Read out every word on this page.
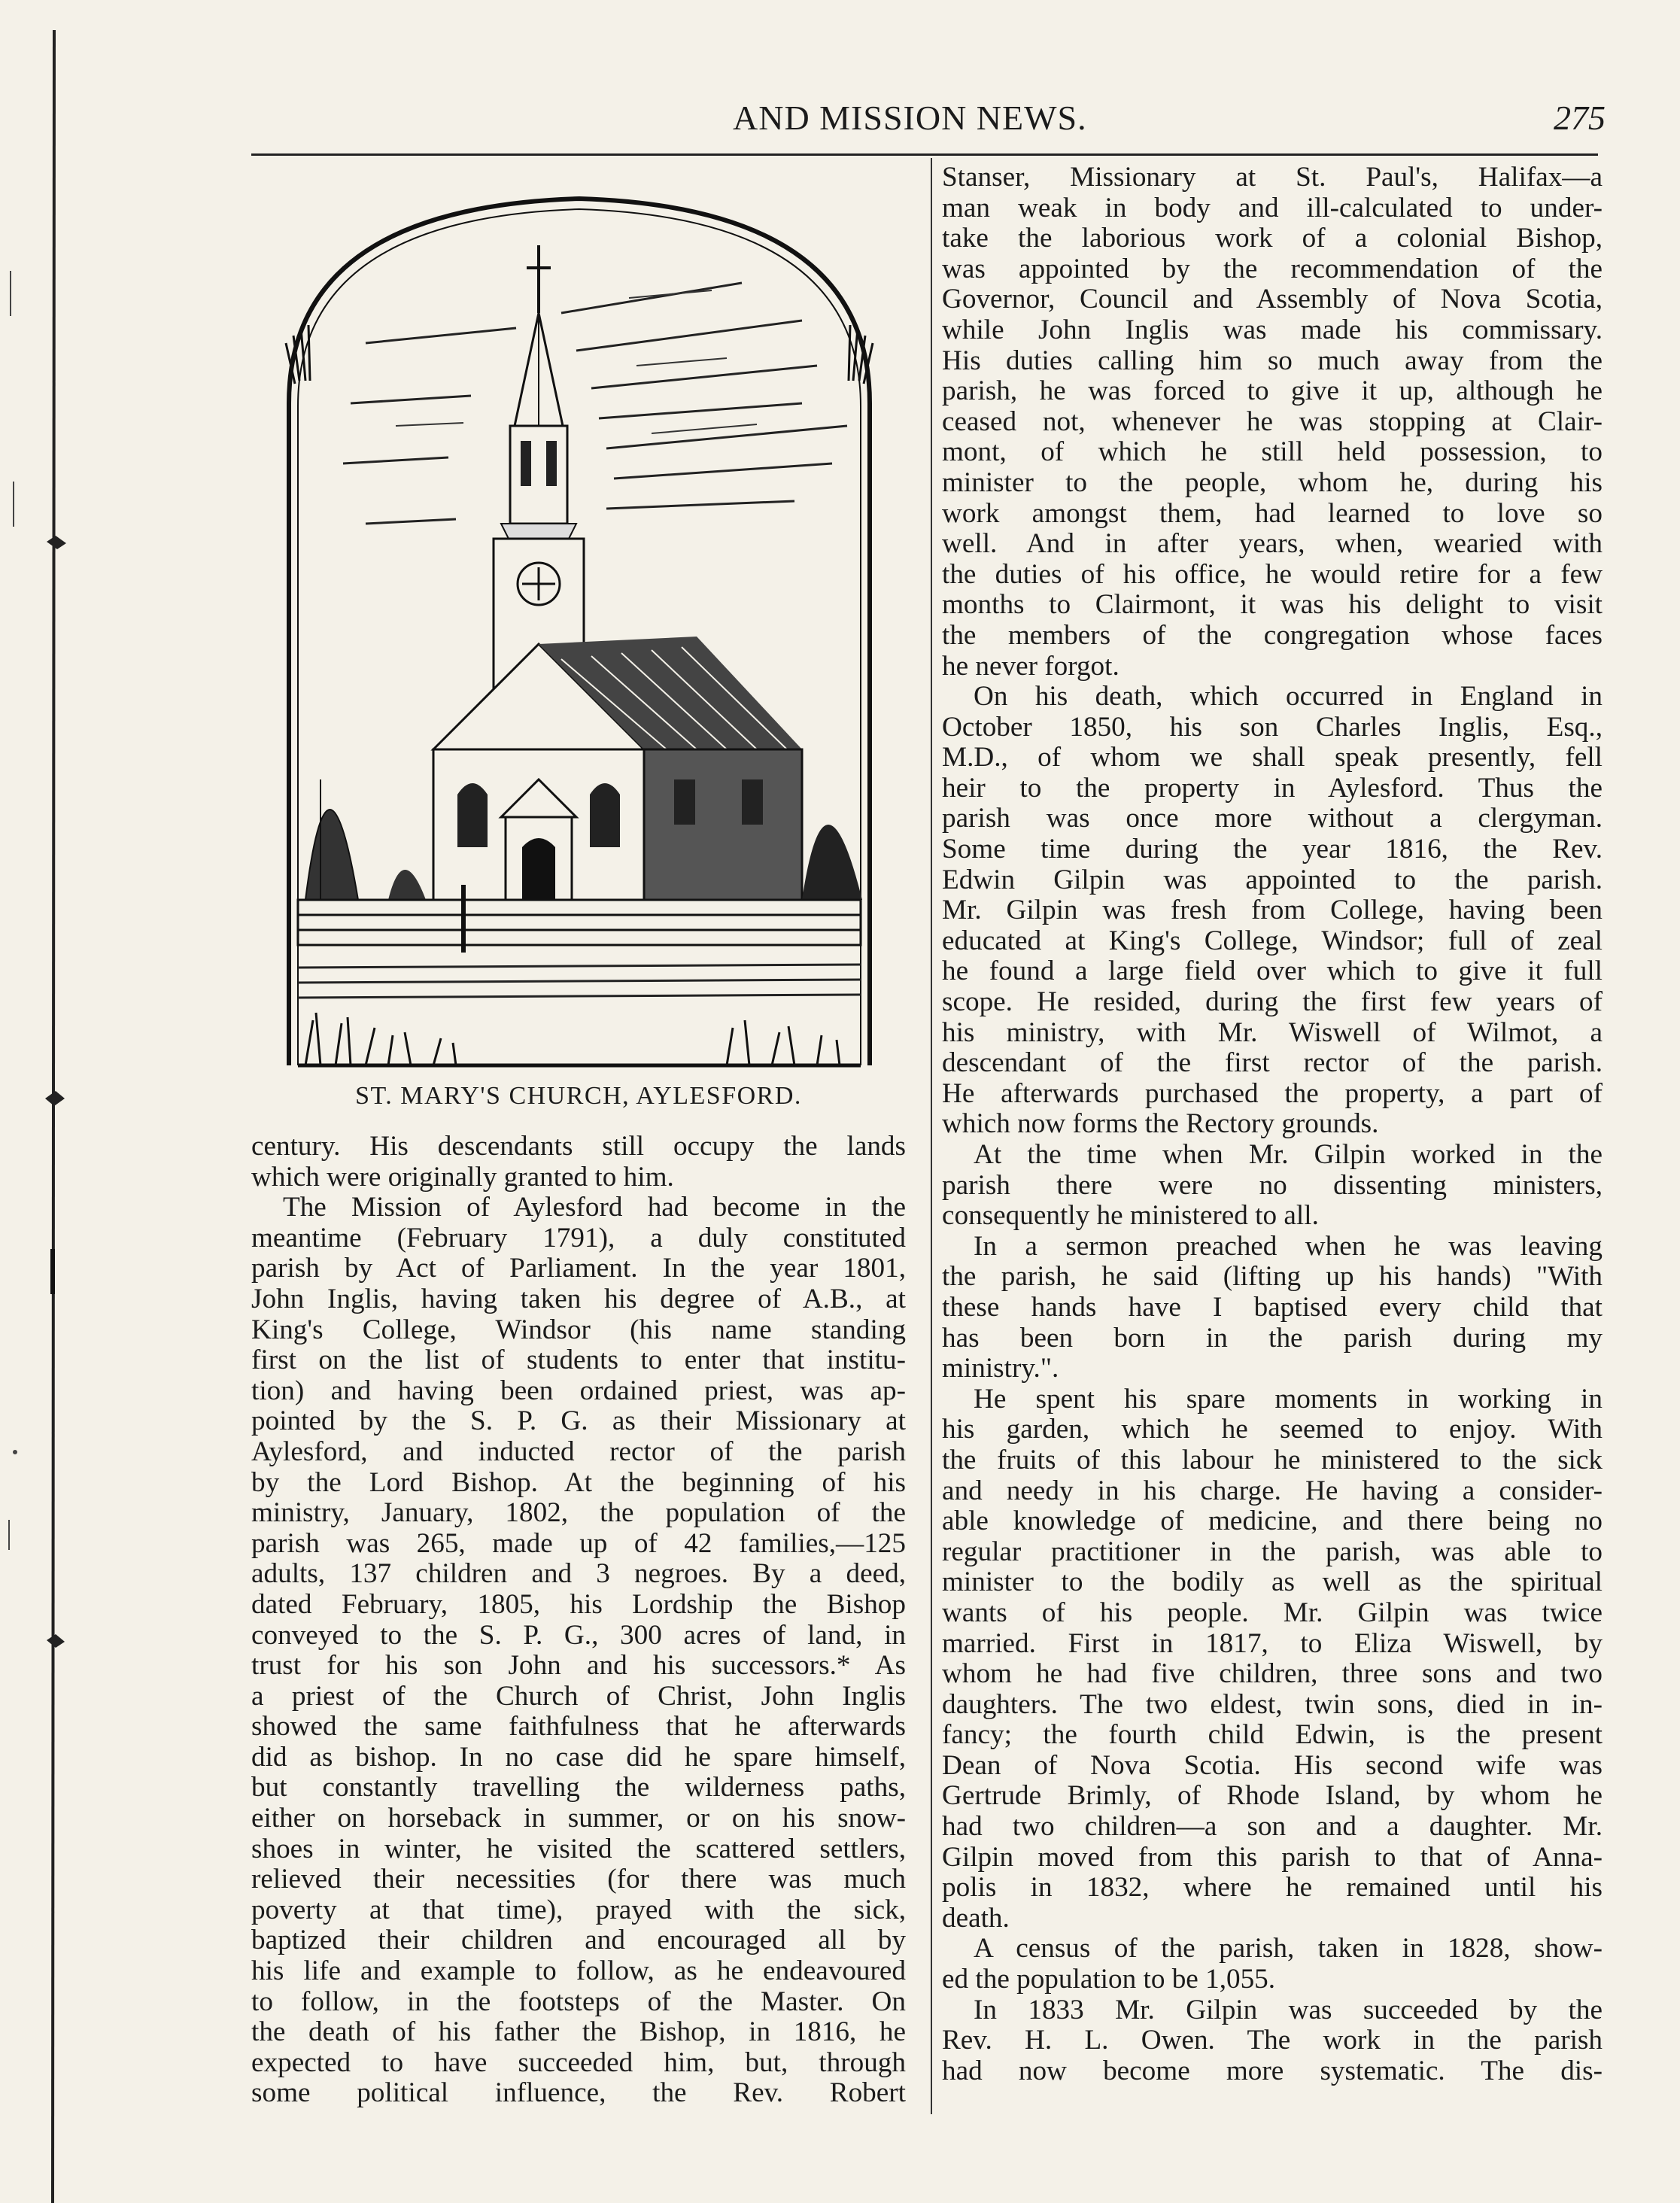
AND MISSION NEWS.	275
ST. MARY'S CHURCH, AYLESFORD.

century. His descendants still occupy the lands

which were originally granted to him.

The Mission of Aylesford had become in the

meantime (February 1791), a duly constituted

parish by Act of Parliament. In the year 1801,

John Inglis, having taken his degree of A.B., at

King's College, Windsor (his name standing

first on the list of students to enter that institu-

tion) and having been ordained priest, was ap-

pointed by the S. P. G. as their Missionary at

Aylesford, and inducted rector of the parish

by the Lord Bishop. At the beginning of his

ministry, January, 1802, the population of the

parish was 265, made up of 42 families,—125

adults, 137 children and 3 negroes. By a deed,

dated February, 1805, his Lordship the Bishop

conveyed to the S. P. G., 300 acres of land, in

trust for his son John and his successors.* As

a priest of the Church of Christ, John Inglis

showed the same faithfulness that he afterwards

did as bishop. In no case did he spare himself,

but constantly travelling the wilderness paths,

either on horseback in summer, or on his snow-

shoes in winter, he visited the scattered settlers,

relieved their necessities (for there was much

poverty at that time), prayed with the sick,

baptized their children and encouraged all by

his life and example to follow, as he endeavoured

to follow, in the footsteps of the Master. On

the death of his father the Bishop, in 1816, he

expected to have succeeded him, but, through

some political influence, the Rev. Robert

Stanser, Missionary at St. Paul's, Halifax—a

man weak in body and ill-calculated to under-

take the laborious work of a colonial Bishop,

was appointed by the recommendation of the

Governor, Council and Assembly of Nova Scotia,

while John Inglis was made his commissary.

His duties calling him so much away from the

parish, he was forced to give it up, although he

ceased not, whenever he was stopping at Clair-

mont, of which he still held possession, to

minister to the people, whom he, during his

work amongst them, had learned to love so

well. And in after years, when, wearied with

the duties of his office, he would retire for a few

months to Clairmont, it was his delight to visit

the members of the congregation whose faces

he never forgot.

On his death, which occurred in England in

October 1850, his son Charles Inglis, Esq.,

M.D., of whom we shall speak presently, fell

heir to the property in Aylesford. Thus the

parish was once more without a clergyman.

Some time during the year 1816, the Rev.

Edwin Gilpin was appointed to the parish.

Mr. Gilpin was fresh from College, having been

educated at King's College, Windsor; full of zeal

he found a large field over which to give it full

scope. He resided, during the first few years of

his ministry, with Mr. Wiswell of Wilmot, a

descendant of the first rector of the parish.

He afterwards purchased the property, a part of

which now forms the Rectory grounds.

At the time when Mr. Gilpin worked in the

parish there were no dissenting ministers,

consequently he ministered to all.

In a sermon preached when he was leaving

the parish, he said (lifting up his hands) "With

these hands have I baptised every child that

has been born in the parish during my

ministry.".

He spent his spare moments in working in

his garden, which he seemed to enjoy. With

the fruits of this labour he ministered to the sick

and needy in his charge. He having a consider-

able knowledge of medicine, and there being no

regular practitioner in the parish, was able to

minister to the bodily as well as the spiritual

wants of his people. Mr. Gilpin was twice

married. First in 1817, to Eliza Wiswell, by

whom he had five children, three sons and two

daughters. The two eldest, twin sons, died in in-

fancy; the fourth child Edwin, is the present

Dean of Nova Scotia. His second wife was

Gertrude Brimly, of Rhode Island, by whom he

had two children—a son and a daughter. Mr.

Gilpin moved from this parish to that of Anna-

polis in 1832, where he remained until his

death.

A census of the parish, taken in 1828, show-

ed the population to be 1,055.

In 1833 Mr. Gilpin was succeeded by the

Rev. H. L. Owen. The work in the parish

had now become more systematic. The dis-
